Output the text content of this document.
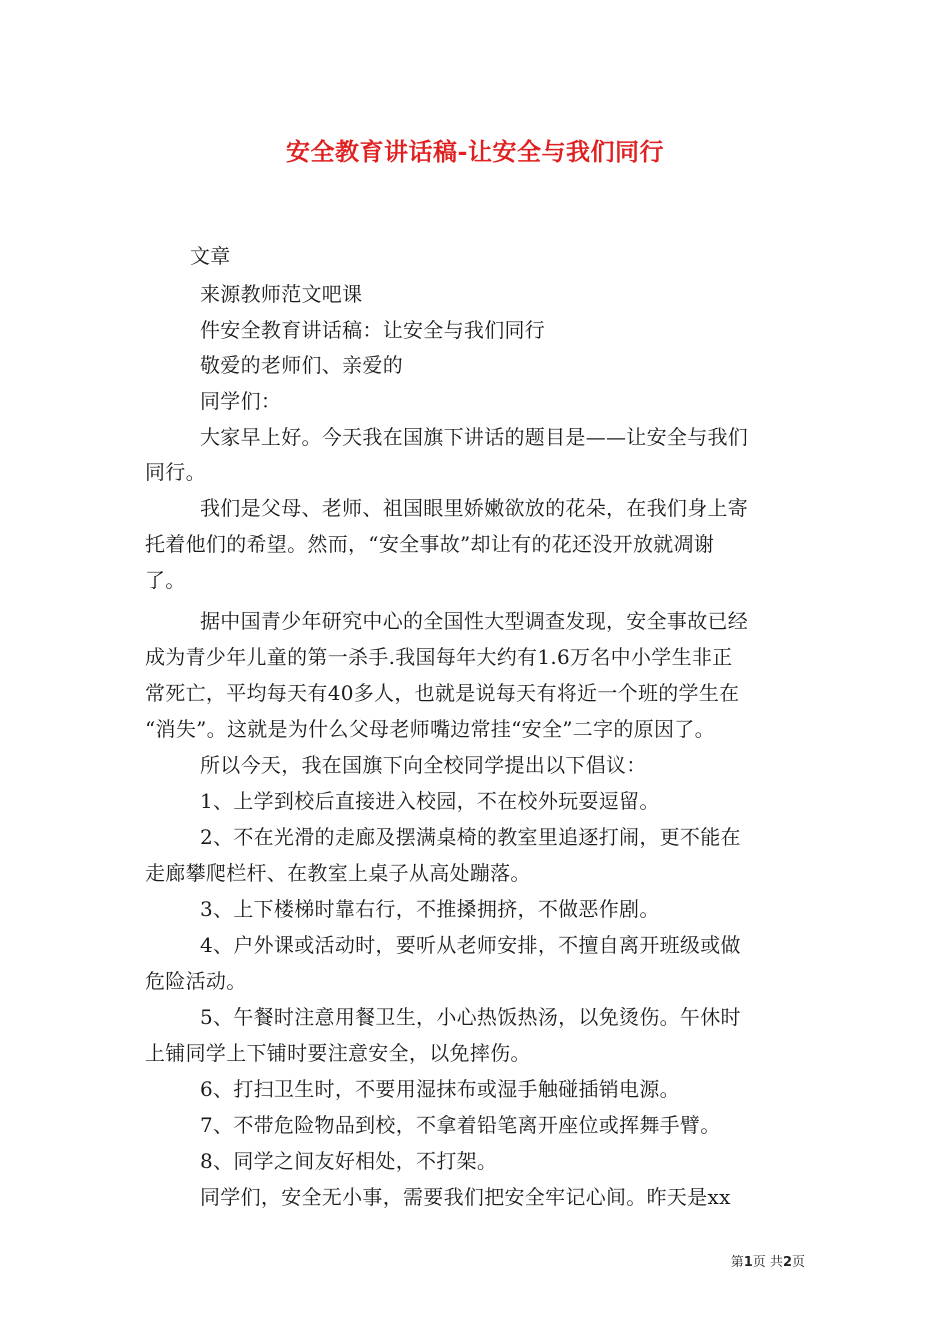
安全教育讲话稿-让安全与我们同行
文章
来源教师范文吧课
件安全教育讲话稿：让安全与我们同行
敬爱的老师们、亲爱的
同学们：
大家早上好。今天我在国旗下讲话的题目是——让安全与我们
同行。
我们是父母、老师、祖国眼里娇嫩欲放的花朵，在我们身上寄
托着他们的希望。然而，“安全事故”却让有的花还没开放就凋谢
了。
据中国青少年研究中心的全国性大型调查发现，安全事故已经
成为青少年儿童的第一杀手.我国每年大约有1.6万名中小学生非正
常死亡，平均每天有40多人，也就是说每天有将近一个班的学生在
“消失”。这就是为什么父母老师嘴边常挂“安全”二字的原因了。
所以今天，我在国旗下向全校同学提出以下倡议：
1、上学到校后直接进入校园，不在校外玩耍逗留。
2、不在光滑的走廊及摆满桌椅的教室里追逐打闹，更不能在
走廊攀爬栏杆、在教室上桌子从高处蹦落。
3、上下楼梯时靠右行，不推搡拥挤，不做恶作剧。
4、户外课或活动时，要听从老师安排，不擅自离开班级或做
危险活动。
5、午餐时注意用餐卫生，小心热饭热汤，以免烫伤。午休时
上铺同学上下铺时要注意安全，以免摔伤。
6、打扫卫生时，不要用湿抹布或湿手触碰插销电源。
7、不带危险物品到校，不拿着铅笔离开座位或挥舞手臂。
8、同学之间友好相处，不打架。
同学们，安全无小事，需要我们把安全牢记心间。昨天是xx
第1页 共2页
